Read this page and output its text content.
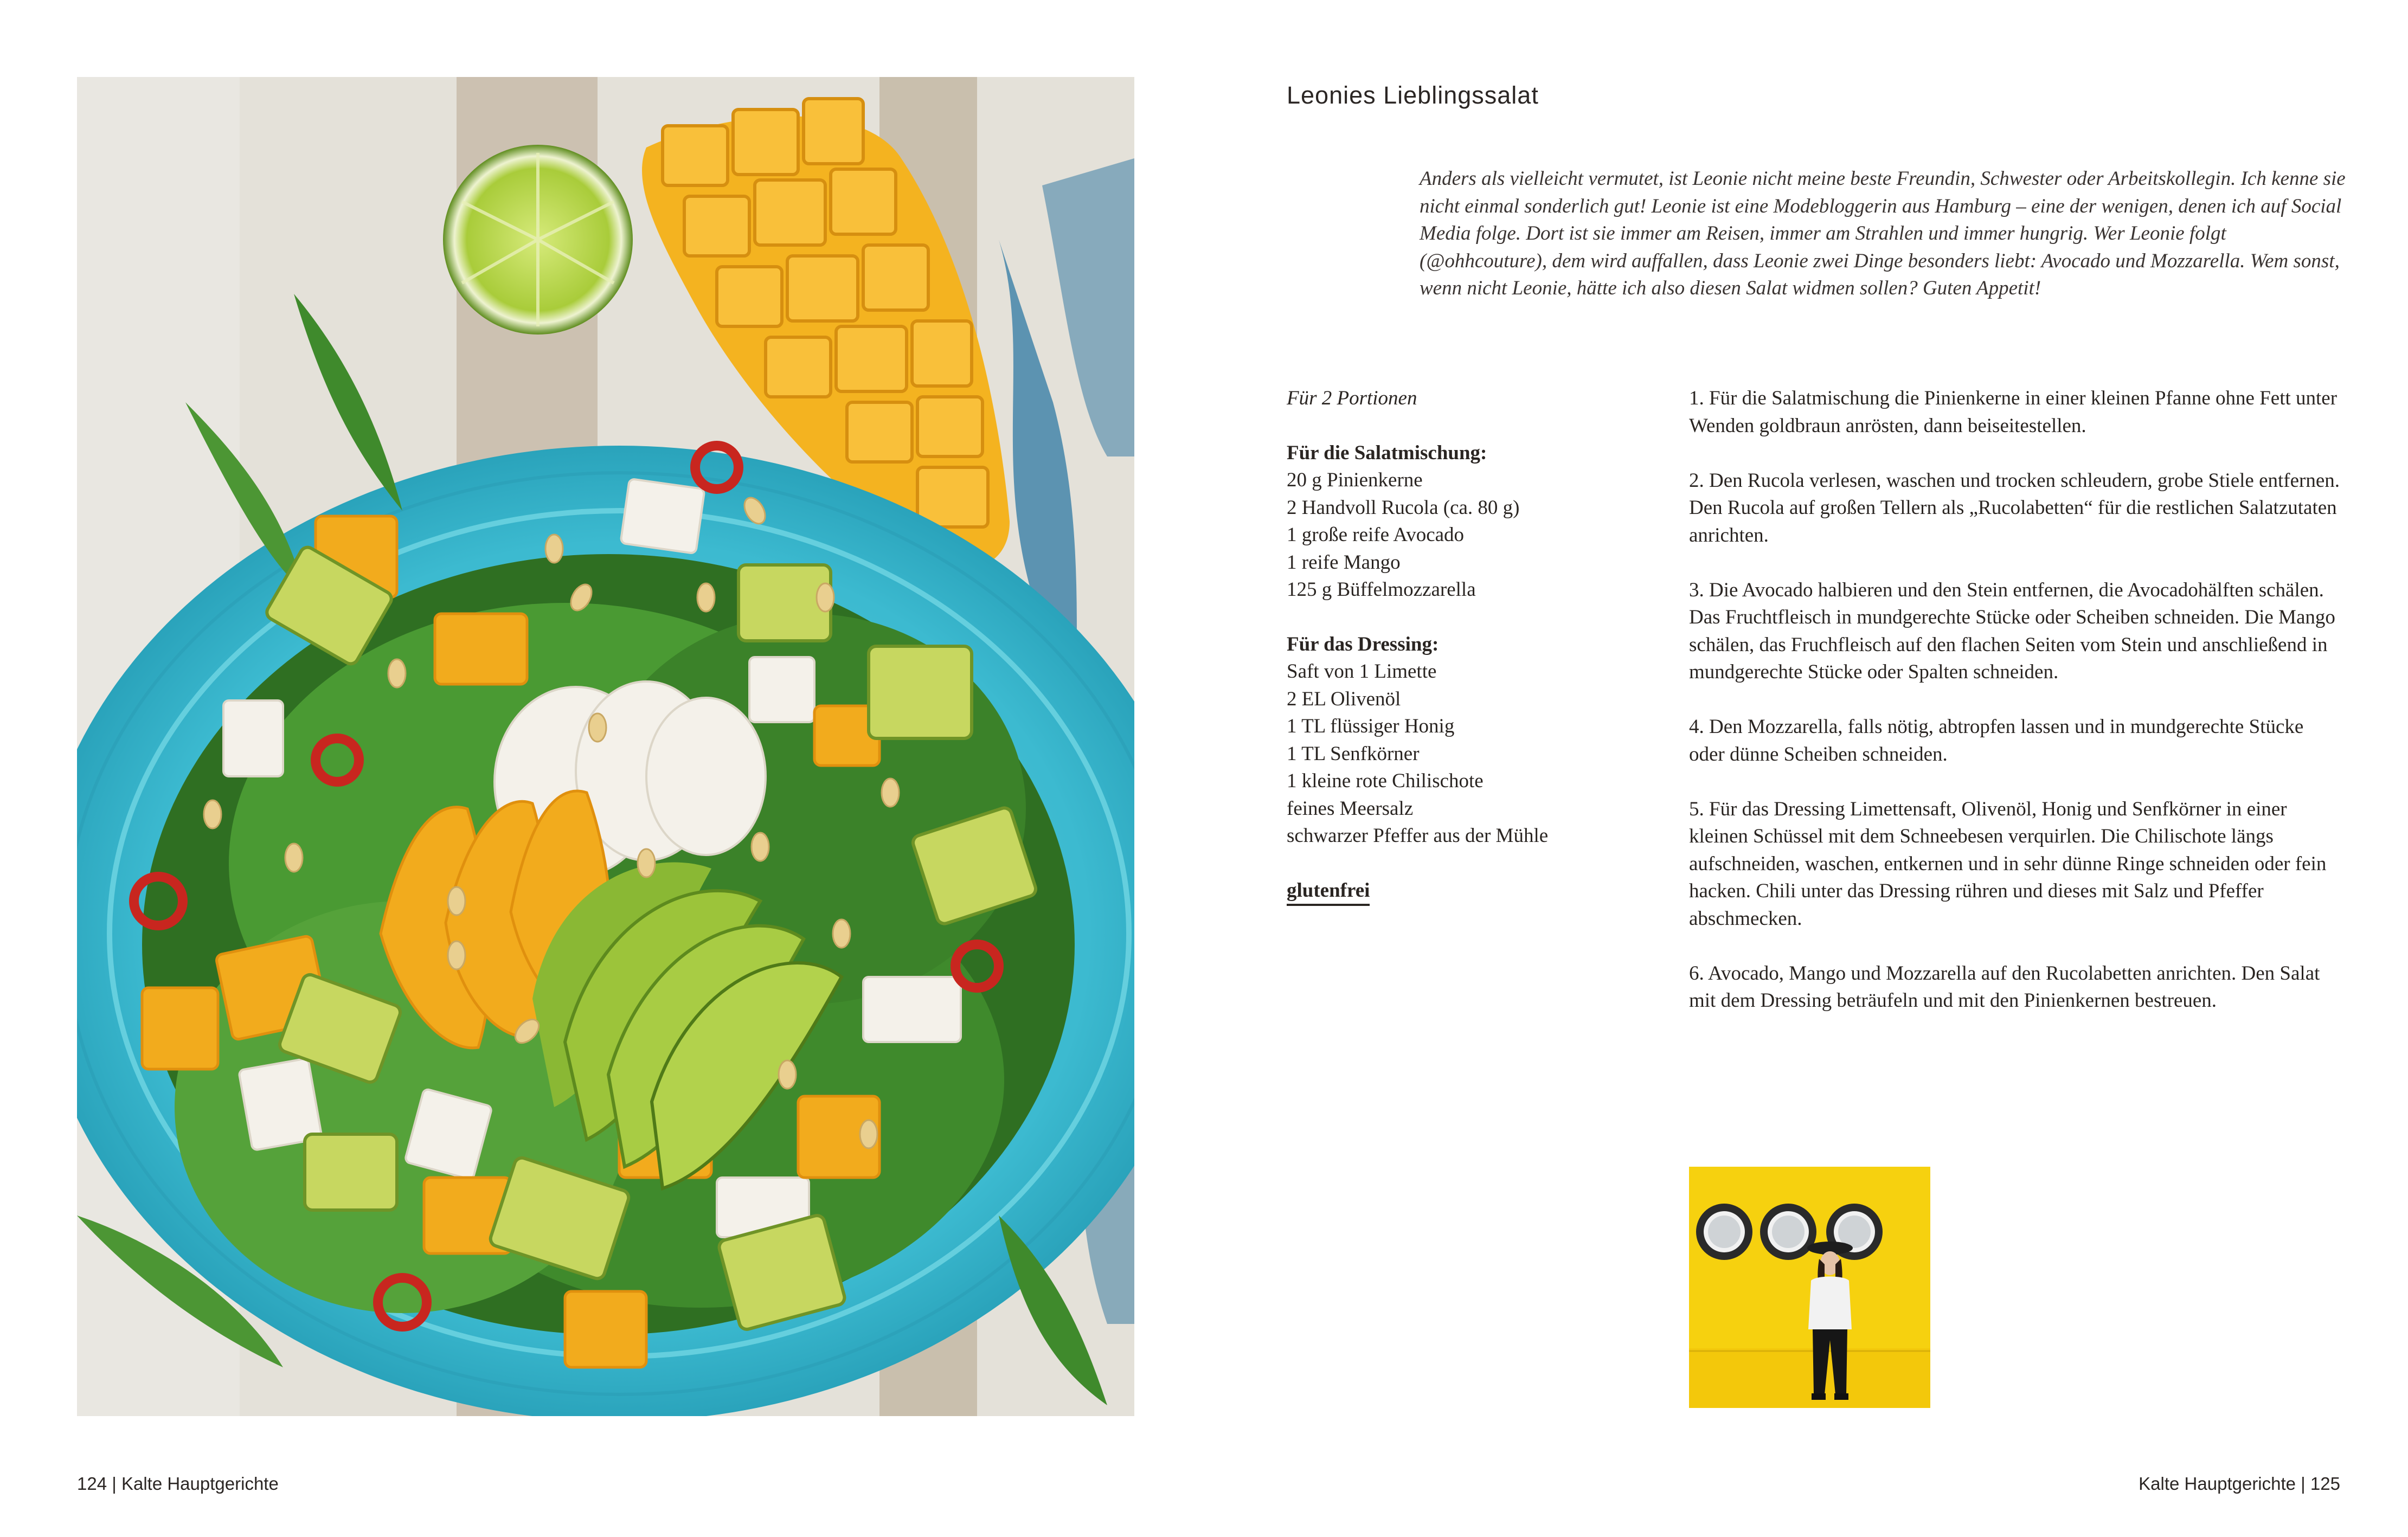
Leonies Lieblingssalat

Anders als vielleicht vermutet, ist Leonie nicht meine beste Freundin, Schwester oder Arbeitskollegin. Ich kenne sie nicht einmal sonderlich gut! Leonie ist eine Modebloggerin aus Hamburg – eine der wenigen, denen ich auf Social Media folge. Dort ist sie immer am Reisen, immer am Strahlen und immer hungrig. Wer Leonie folgt (@ohhcouture), dem wird auffallen, dass Leonie zwei Dinge besonders liebt: Avocado und Mozzarella. Wem sonst, wenn nicht Leonie, hätte ich also diesen Salat widmen sollen? Guten Appetit!

Für 2 Portionen

Für die Salatmischung:

20 g Pinienkerne

2 Handvoll Rucola (ca. 80 g)

1 große reife Avocado

1 reife Mango

125 g Büffelmozzarella

Für das Dressing:

Saft von 1 Limette

2 EL Olivenöl

1 TL flüssiger Honig

1 TL Senfkörner

1 kleine rote Chilischote

feines Meersalz

schwarzer Pfeffer aus der Mühle

glutenfrei

1. Für die Salatmischung die Pinienkerne in einer kleinen Pfanne ohne Fett unter Wenden goldbraun anrösten, dann beiseitestellen.

2. Den Rucola verlesen, waschen und trocken schleudern, grobe Stiele entfernen. Den Rucola auf großen Tellern als „Rucolabetten“ für die restlichen Salatzutaten anrichten.

3. Die Avocado halbieren und den Stein entfernen, die Avocadohälften schälen. Das Fruchtfleisch in mundgerechte Stücke oder Scheiben schneiden. Die Mango schälen, das Fruchfleisch auf den flachen Seiten vom Stein und anschließend in mundgerechte Stücke oder Spalten schneiden.

4. Den Mozzarella, falls nötig, abtropfen lassen und in mundgerechte Stücke oder dünne Scheiben schneiden.

5. Für das Dressing Limettensaft, Olivenöl, Honig und Senfkörner in einer kleinen Schüssel mit dem Schneebesen verquirlen. Die Chilischote längs aufschneiden, waschen, entkernen und in sehr dünne Ringe schneiden oder fein hacken. Chili unter das Dressing rühren und dieses mit Salz und Pfeffer abschmecken.

6. Avocado, Mango und Mozzarella auf den Rucolabetten anrichten. Den Salat mit dem Dressing beträufeln und mit den Pinienkernen bestreuen.

124 | Kalte Hauptgerichte	Kalte Hauptgerichte | 125
